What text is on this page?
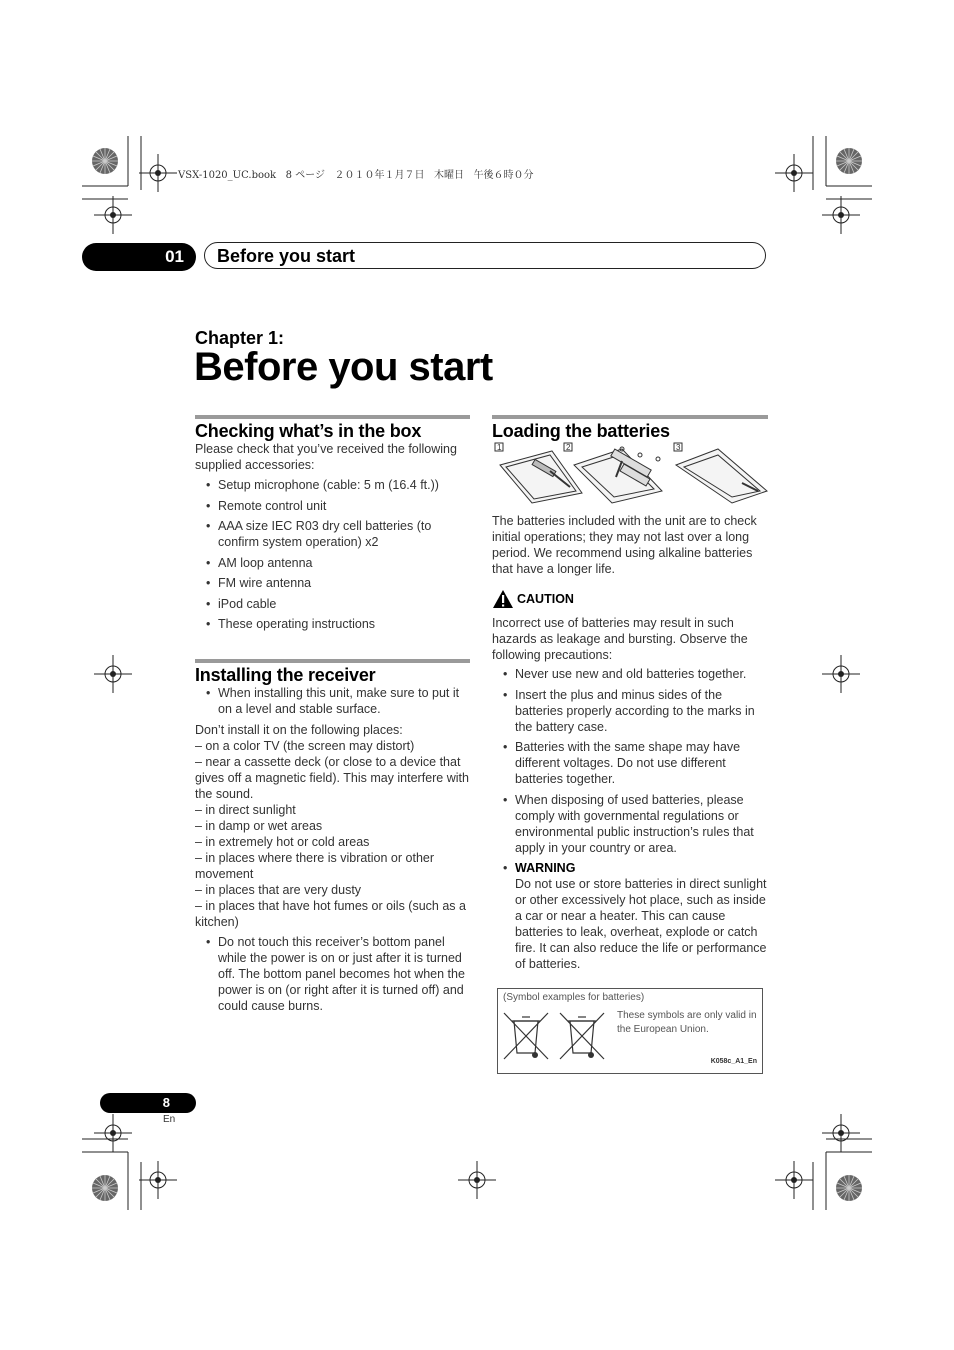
VSX-1020_UC.book   8 ページ   ２０１０年１月７日   木曜日   午後６時０分
01	Before you start
Chapter 1:
Before you start
Checking what’s in the box

Please check that you’ve received the following supplied accessories:

• Setup microphone (cable: 5 m (16.4 ft.))
• Remote control unit
• AAA size IEC R03 dry cell batteries (to confirm system operation) x2
• AM loop antenna
• FM wire antenna
• iPod cable
• These operating instructions
Installing the receiver
• When installing this unit, make sure to put it on a level and stable surface.

Don’t install it on the following places:

– on a color TV (the screen may distort)

– near a cassette deck (or close to a device that gives off a magnetic field). This may interfere with the sound.

– in direct sunlight

– in damp or wet areas

– in extremely hot or cold areas

– in places where there is vibration or other movement

– in places that are very dusty

– in places that have hot fumes or oils (such as a kitchen)

• Do not touch this receiver’s bottom panel while the power is on or just after it is turned off. The bottom panel becomes hot when the power is on (or right after it is turned off) and could cause burns.
Loading the batteries
1	2	3

The batteries included with the unit are to check initial operations; they may not last over a long period. We recommend using alkaline batteries that have a longer life.

CAUTION

Incorrect use of batteries may result in such hazards as leakage and bursting. Observe the following precautions:

• Never use new and old batteries together.
• Insert the plus and minus sides of the batteries properly according to the marks in the battery case.
• Batteries with the same shape may have different voltages. Do not use different batteries together.
• When disposing of used batteries, please comply with governmental regulations or environmental public instruction’s rules that apply in your country or area.
• WARNING
Do not use or store batteries in direct sunlight or other excessively hot place, such as inside a car or near a heater. This can cause batteries to leak, overheat, explode or catch fire. It can also reduce the life or performance of batteries.
(Symbol examples for batteries)
These symbols are only valid in the European Union.
K058c_A1_En
8
En
